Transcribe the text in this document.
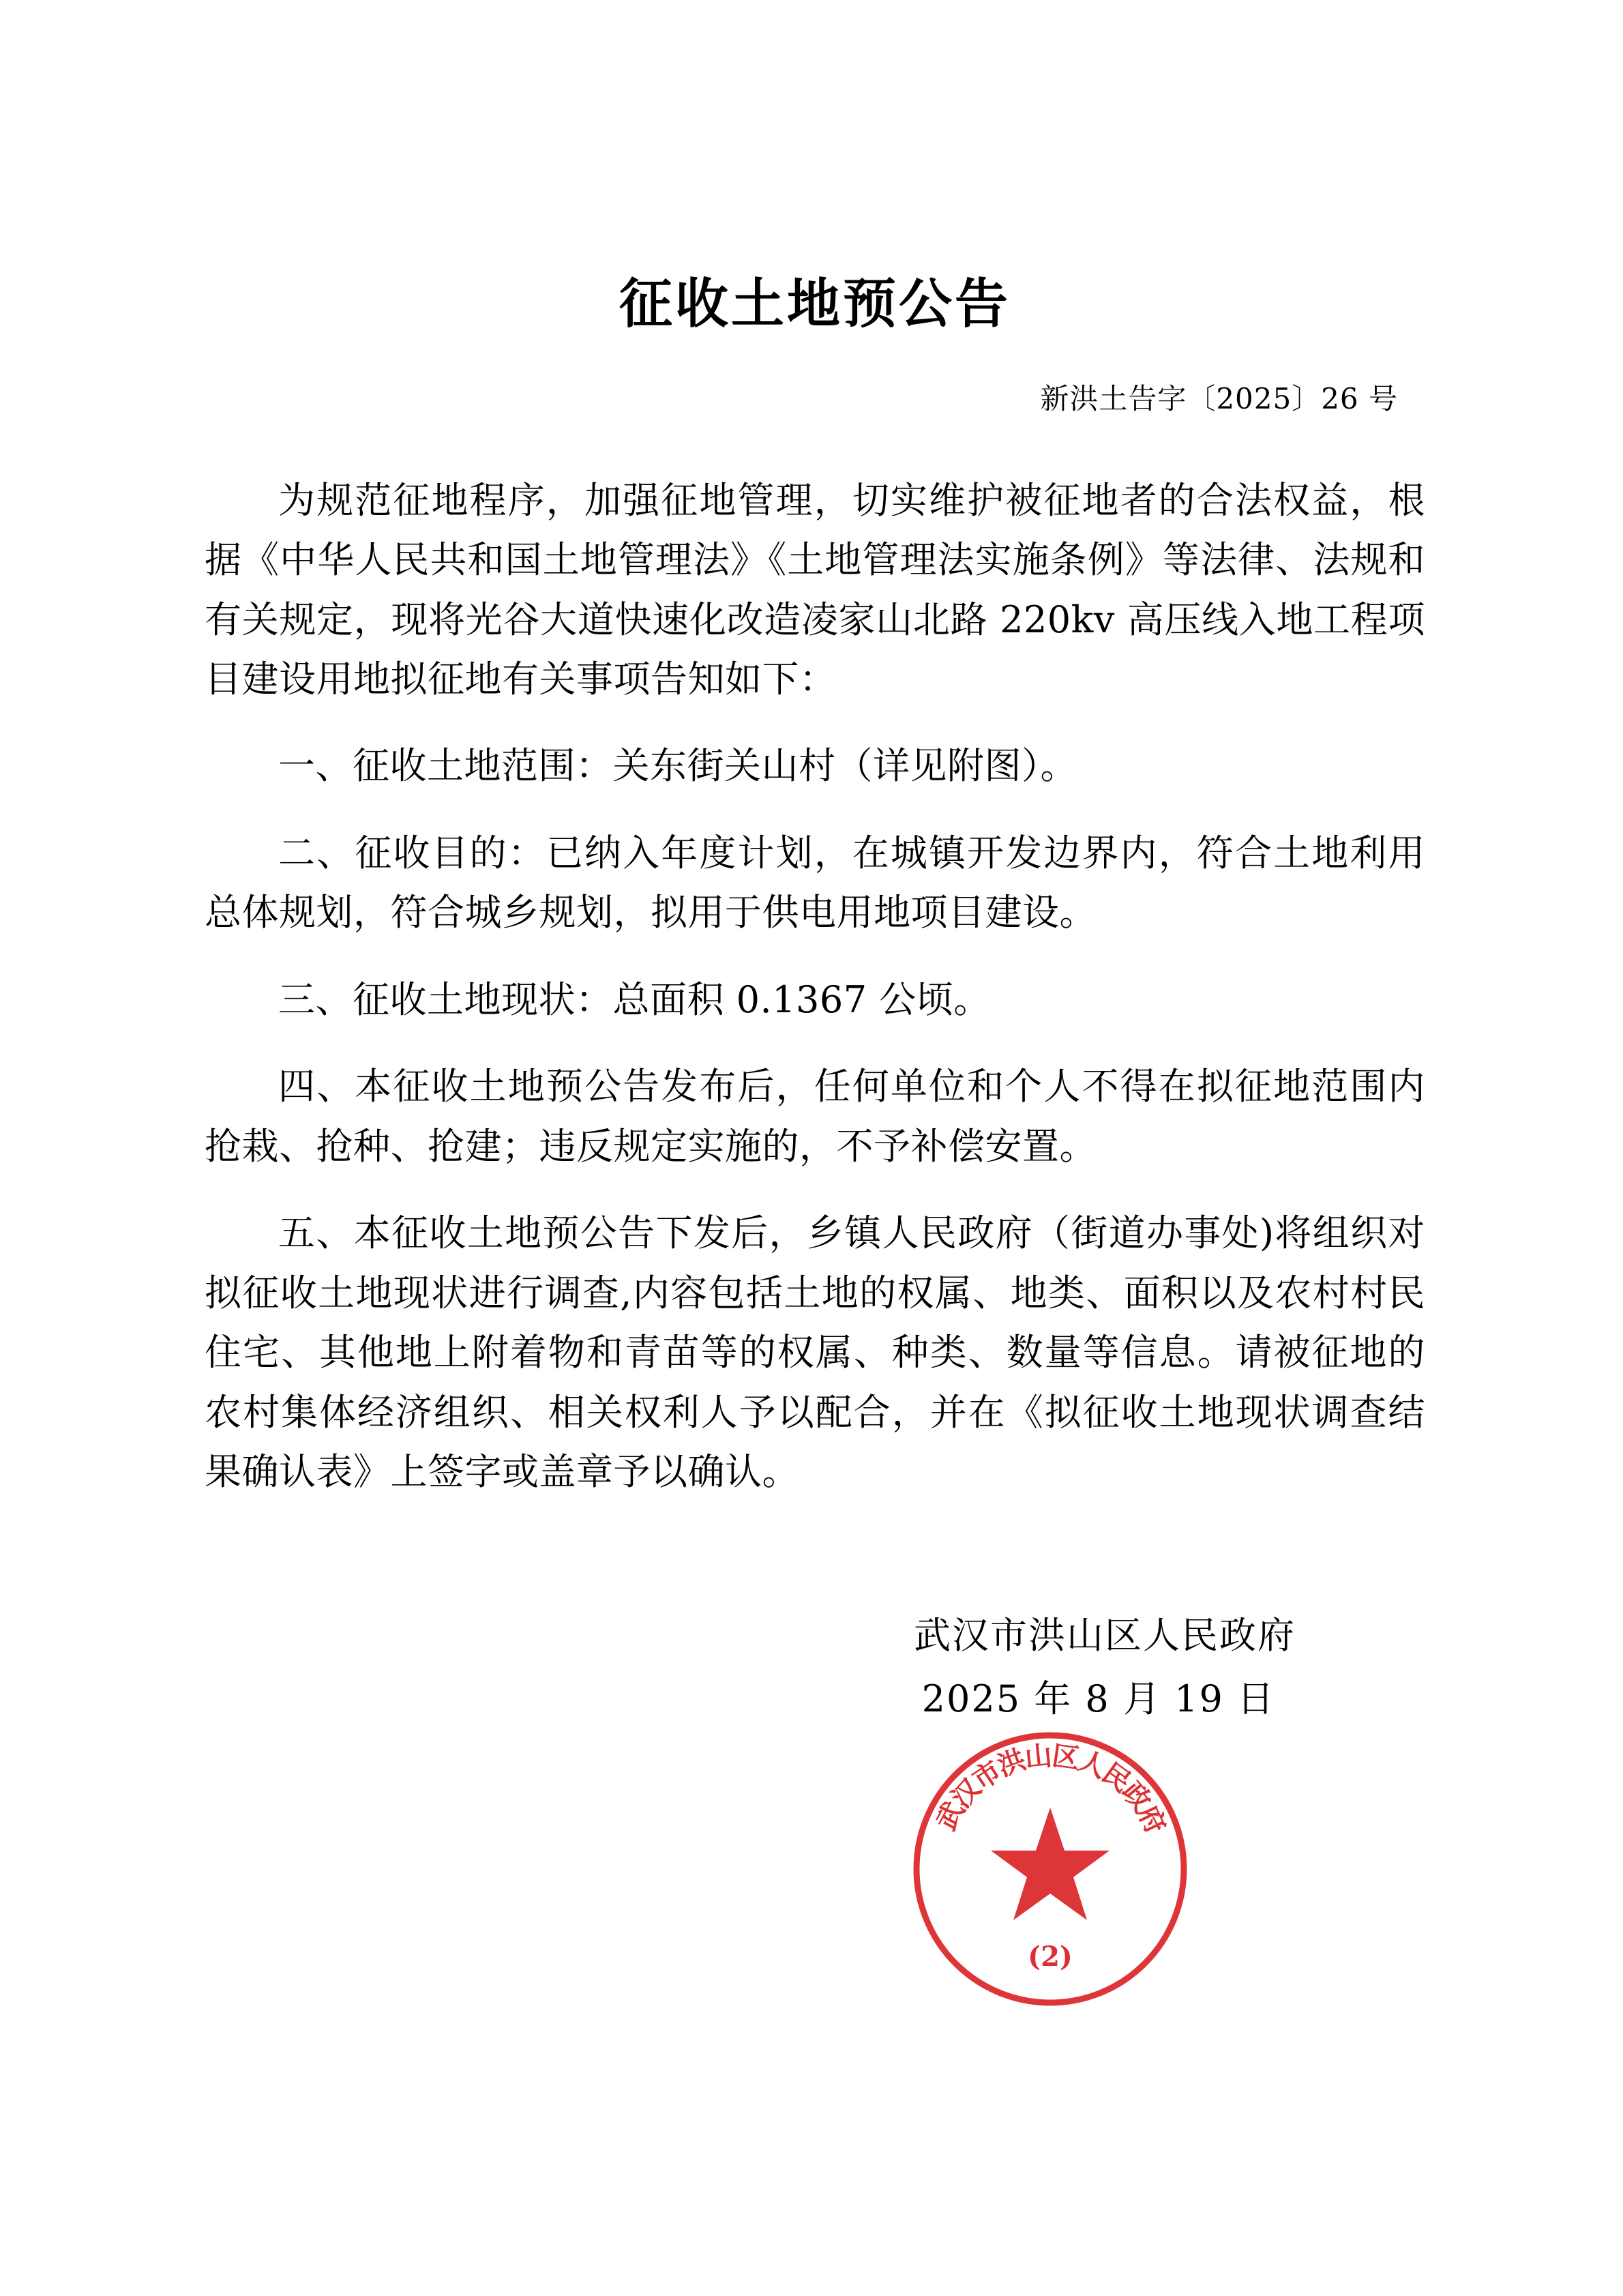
征收土地预公告
新洪土告字〔2025〕26 号
为规范征地程序，加强征地管理，切实维护被征地者的合法权益，根据《中华人民共和国土地管理法》《土地管理法实施条例》等法律、法规和有关规定，现将光谷大道快速化改造凌家山北路 220kv 高压线入地工程项目建设用地拟征地有关事项告知如下：
一、征收土地范围：关东街关山村（详见附图）。
二、征收目的：已纳入年度计划，在城镇开发边界内，符合土地利用总体规划，符合城乡规划，拟用于供电用地项目建设。
三、征收土地现状：总面积 0.1367 公顷。
四、本征收土地预公告发布后，任何单位和个人不得在拟征地范围内抢栽、抢种、抢建；违反规定实施的，不予补偿安置。
五、本征收土地预公告下发后，乡镇人民政府（街道办事处)将组织对拟征收土地现状进行调查,内容包括土地的权属、地类、面积以及农村村民住宅、其他地上附着物和青苗等的权属、种类、数量等信息。请被征地的农村集体经济组织、相关权利人予以配合，并在《拟征收土地现状调查结果确认表》上签字或盖章予以确认。
武汉市洪山区人民政府
2025 年 8 月 19 日
武
汉
市
洪
山
区
人
民
政
府
(2)
